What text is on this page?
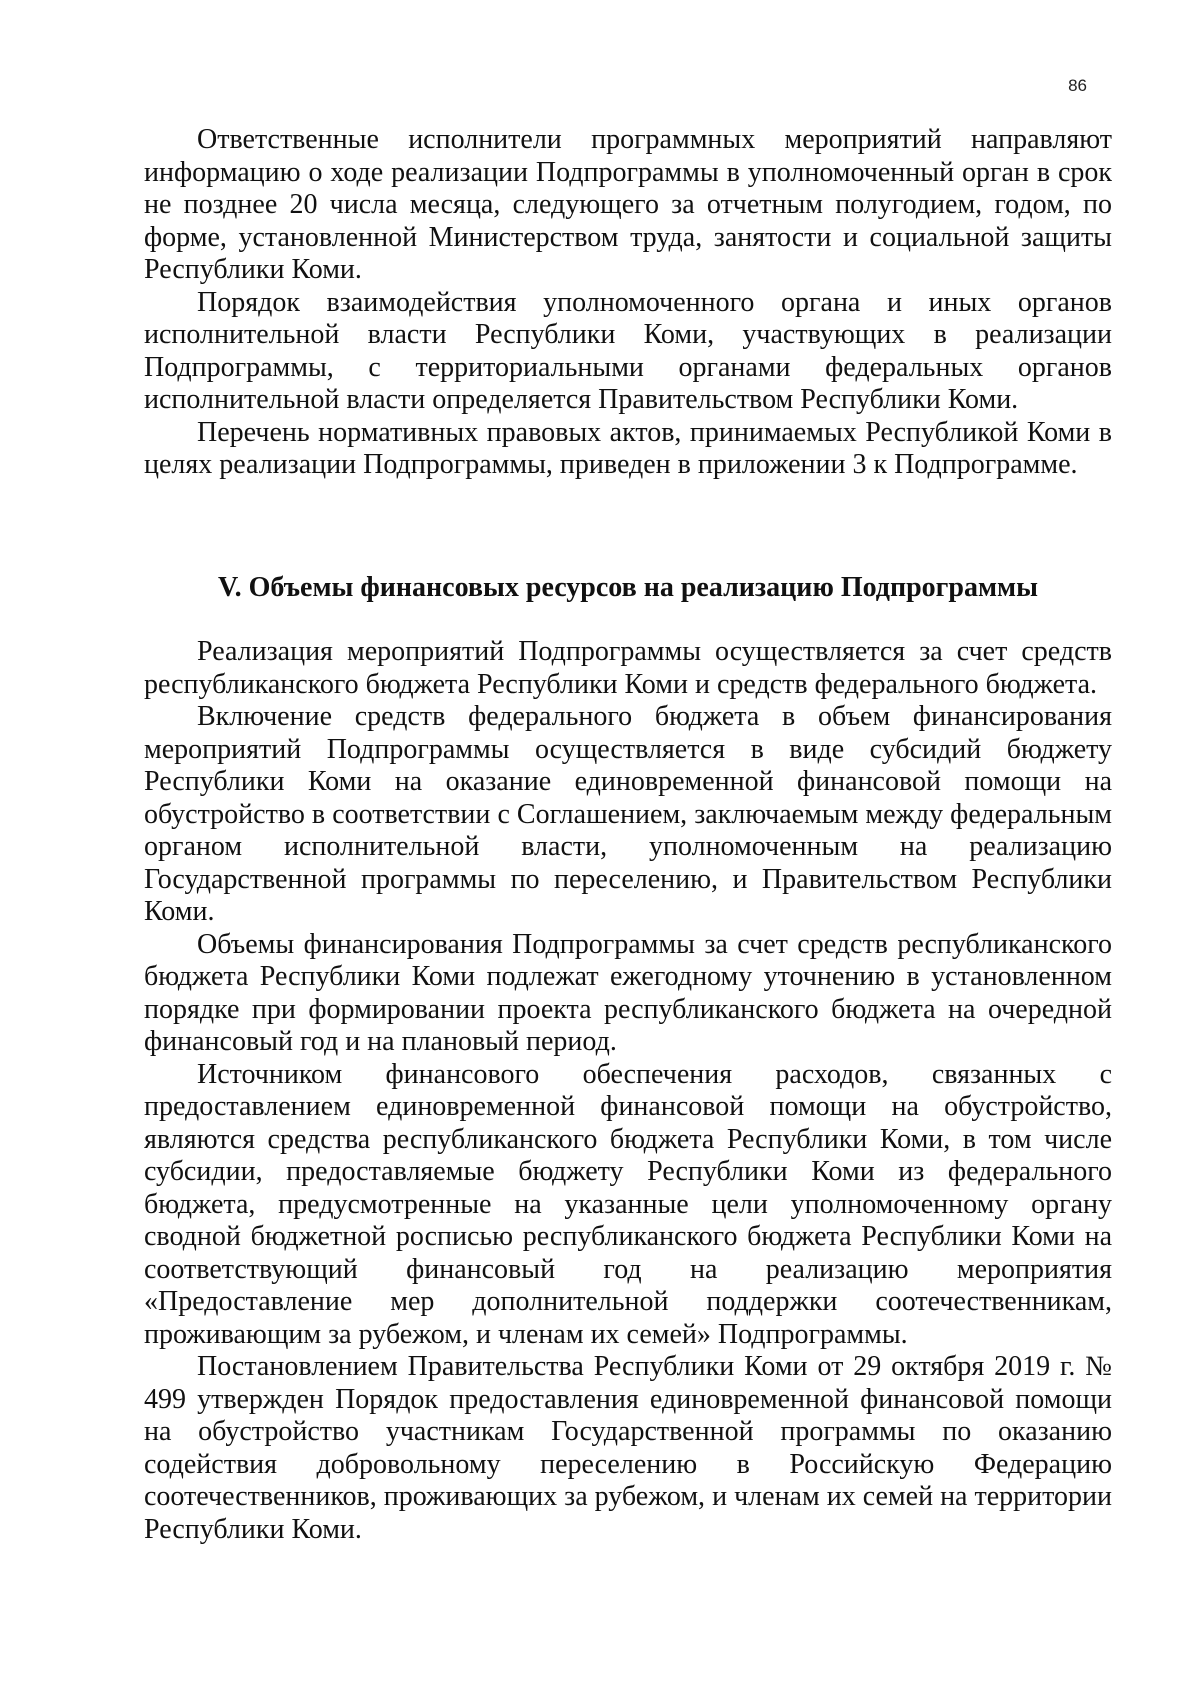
86

Ответственные исполнители программных мероприятий направляют информацию о ходе реализации Подпрограммы в уполномоченный орган в срок не позднее 20 числа месяца, следующего за отчетным полугодием, годом, по форме, установленной Министерством труда, занятости и социальной защиты Республики Коми.

Порядок взаимодействия уполномоченного органа и иных органов исполнительной власти Республики Коми, участвующих в реализации Подпрограммы, с территориальными органами федеральных органов исполнительной власти определяется Правительством Республики Коми.

Перечень нормативных правовых актов, принимаемых Республикой Коми в целях реализации Подпрограммы, приведен в приложении 3 к Подпрограмме.

V. Объемы финансовых ресурсов на реализацию Подпрограммы

Реализация мероприятий Подпрограммы осуществляется за счет средств республиканского бюджета Республики Коми и средств федерального бюджета.

Включение средств федерального бюджета в объем финансирования мероприятий Подпрограммы осуществляется в виде субсидий бюджету Республики Коми на оказание единовременной финансовой помощи на обустройство в соответствии с Соглашением, заключаемым между федеральным органом исполнительной власти, уполномоченным на реализацию Государственной программы по переселению, и Правительством Республики Коми.

Объемы финансирования Подпрограммы за счет средств республиканского бюджета Республики Коми подлежат ежегодному уточнению в установленном порядке при формировании проекта республиканского бюджета на очередной финансовый год и на плановый период.

Источником финансового обеспечения расходов, связанных с предоставлением единовременной финансовой помощи на обустройство, являются средства республиканского бюджета Республики Коми, в том числе субсидии, предоставляемые бюджету Республики Коми из федерального бюджета, предусмотренные на указанные цели уполномоченному органу сводной бюджетной росписью республиканского бюджета Республики Коми на соответствующий финансовый год на реализацию мероприятия «Предоставление мер дополнительной поддержки соотечественникам, проживающим за рубежом, и членам их семей» Подпрограммы.

Постановлением Правительства Республики Коми от 29 октября 2019 г. № 499 утвержден Порядок предоставления единовременной финансовой помощи на обустройство участникам Государственной программы по оказанию содействия добровольному переселению в Российскую Федерацию соотечественников, проживающих за рубежом, и членам их семей на территории Республики Коми.
